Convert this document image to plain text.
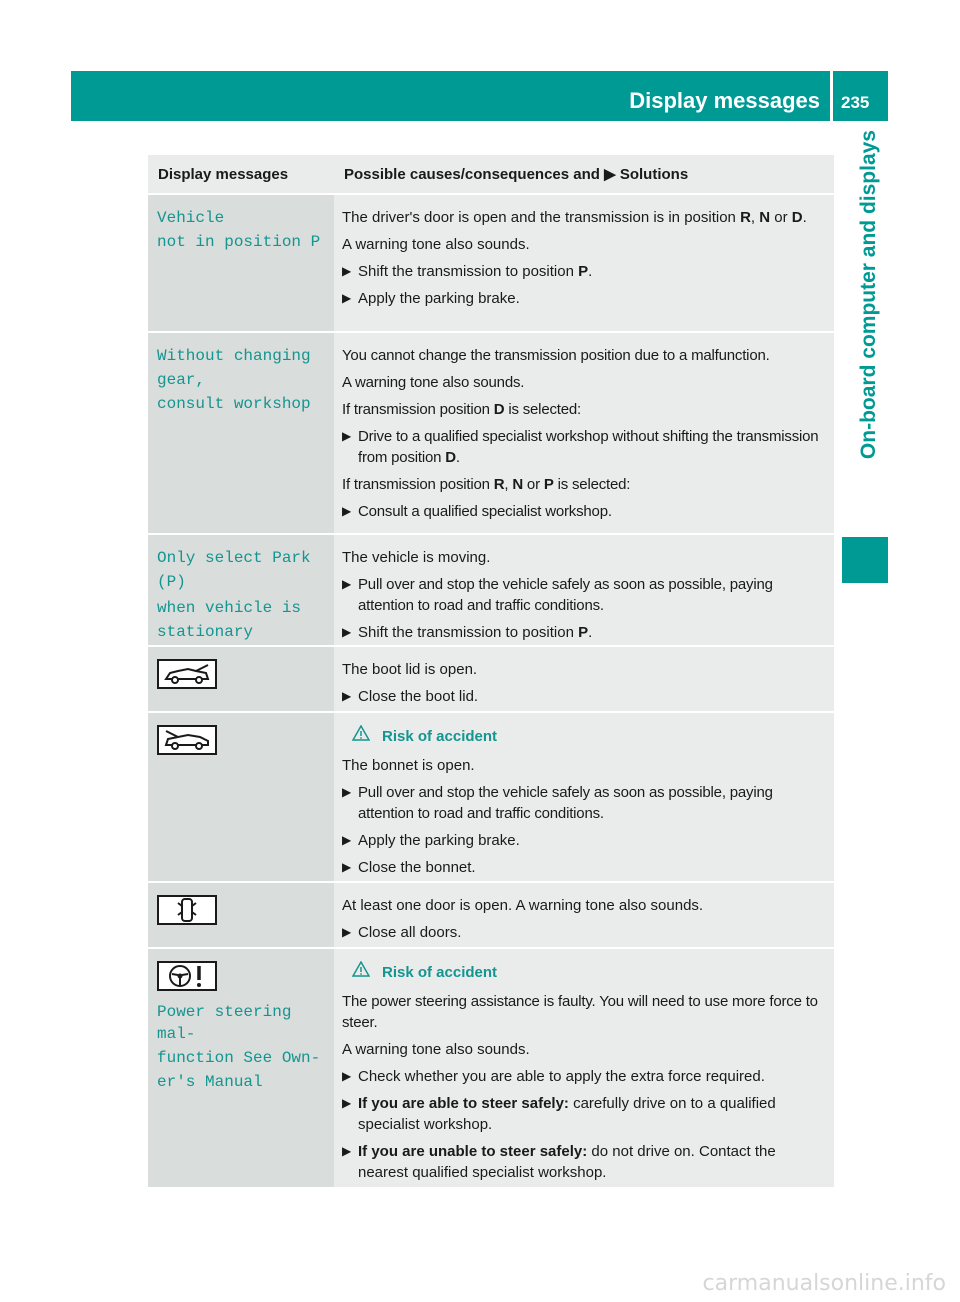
Display messages 235
On-board computer and displays
Display messages	Possible causes/consequences and ▶ Solutions
Vehicle
not in position P
The driver's door is open and the transmission is in position R, N or D.
A warning tone also sounds.
▶ Shift the transmission to position P.
▶ Apply the parking brake.
Without changing
gear,
consult workshop
You cannot change the transmission position due to a malfunction.
A warning tone also sounds.
If transmission position D is selected:
▶ Drive to a qualified specialist workshop without shifting the transmission from position D.
If transmission position R, N or P is selected:
▶ Consult a qualified specialist workshop.
Only select Park
(P)
when vehicle is
stationary
The vehicle is moving.
▶ Pull over and stop the vehicle safely as soon as possible, paying attention to road and traffic conditions.
▶ Shift the transmission to position P.
The boot lid is open.
▶ Close the boot lid.
Risk of accident
The bonnet is open.
▶ Pull over and stop the vehicle safely as soon as possible, paying attention to road and traffic conditions.
▶ Apply the parking brake.
▶ Close the bonnet.
At least one door is open. A warning tone also sounds.
▶ Close all doors.
Power steering mal‐
function See Own‐
er's Manual
Risk of accident
The power steering assistance is faulty. You will need to use more force to steer.
A warning tone also sounds.
▶ Check whether you are able to apply the extra force required.
▶ If you are able to steer safely: carefully drive on to a qualified specialist workshop.
▶ If you are unable to steer safely: do not drive on. Contact the nearest qualified specialist workshop.
carmanualsonline.info
